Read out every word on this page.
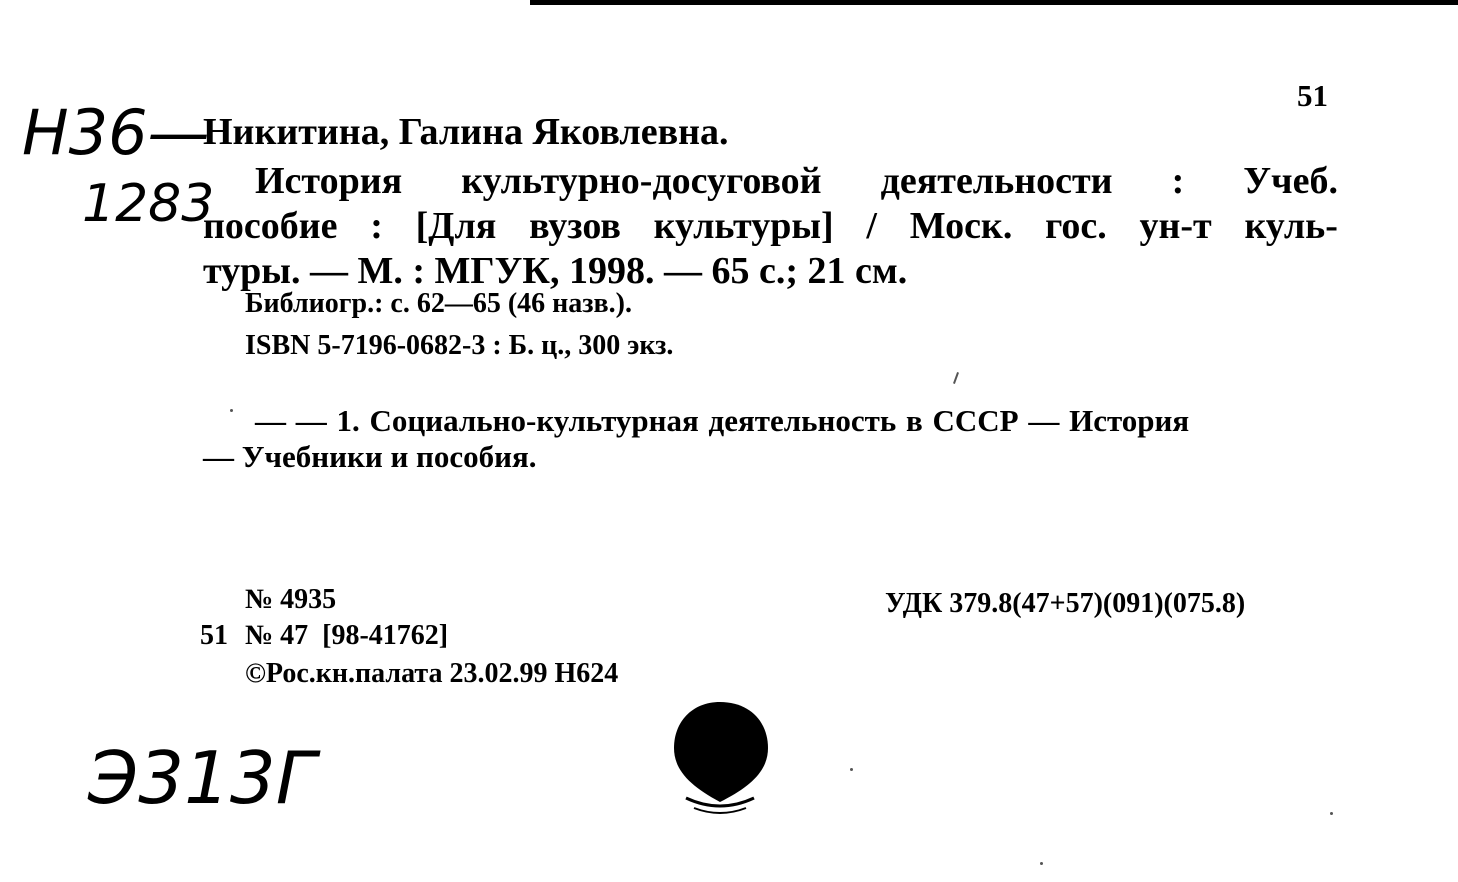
51
Н36—
1283
Никитина, Галина Яковлевна.
История культурно-досуговой деятельности : Учеб.
пособие : [Для вузов культуры] / Моск. гос. ун-т куль-
туры. — М. : МГУК, 1998. — 65 с.; 21 см.
Библиогр.: с. 62—65 (46 назв.).
ISBN 5-7196-0682-3 : Б. ц., 300 экз.
— — 1. Социально-культурная деятельность в СССР — История
— Учебники и пособия.
№ 4935
51 № 47  [98-41762]
©Рос.кн.палата 23.02.99 Н624
УДК 379.8(47+57)(091)(075.8)
Э313Г
